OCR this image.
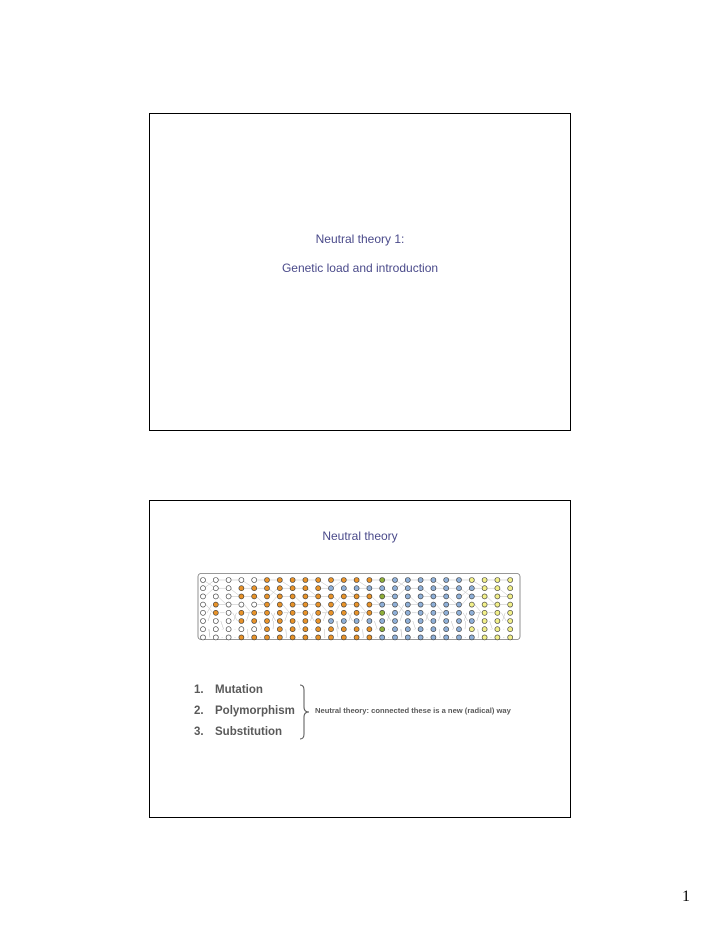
Neutral theory 1:
Genetic load and introduction
Neutral theory
1. Mutation
2. Polymorphism
3. Substitution
Neutral theory: connected these is a new (radical) way
1
